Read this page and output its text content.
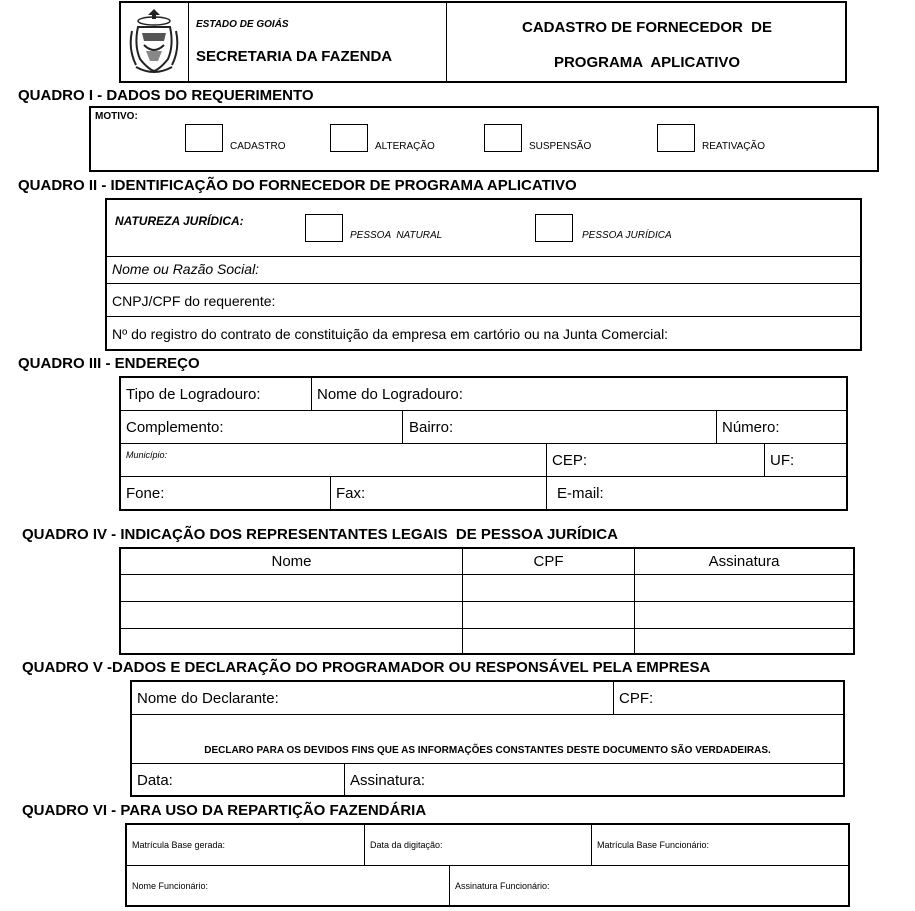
ESTADO DE GOIÁS
SECRETARIA DA FAZENDA
CADASTRO DE FORNECEDOR  DE
PROGRAMA  APLICATIVO
QUADRO I - DADOS DO REQUERIMENTO
MOTIVO:
CADASTRO	ALTERAÇÃO	SUSPENSÃO	REATIVAÇÃO
QUADRO II - IDENTIFICAÇÃO DO FORNECEDOR DE PROGRAMA APLICATIVO
NATUREZA JURÍDICA:
PESSOA  NATURAL	PESSOA JURÍDICA
Nome ou Razão Social:
CNPJ/CPF do requerente:
Nº do registro do contrato de constituição da empresa em cartório ou na Junta Comercial:
QUADRO III - ENDEREÇO
Tipo de Logradouro:	Nome do Logradouro:
Complemento:	Bairro:	Número:
Município:	CEP:	UF:
Fone:	Fax:	E-mail:
QUADRO IV - INDICAÇÃO DOS REPRESENTANTES LEGAIS  DE PESSOA JURÍDICA
Nome	CPF	Assinatura
QUADRO V -DADOS E DECLARAÇÃO DO PROGRAMADOR OU RESPONSÁVEL PELA EMPRESA
Nome do Declarante:	CPF:
DECLARO PARA OS DEVIDOS FINS QUE AS INFORMAÇÕES CONSTANTES DESTE DOCUMENTO SÃO VERDADEIRAS.
Data:	Assinatura:
QUADRO VI - PARA USO DA REPARTIÇÃO FAZENDÁRIA
Matrícula Base gerada:	Data da digitação:	Matrícula Base Funcionário:
Nome Funcionário:	Assinatura Funcionário:
